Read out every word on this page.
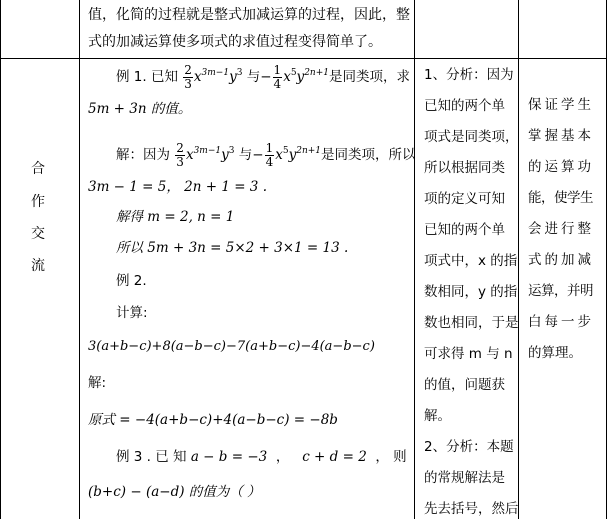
值，化简的过程就是整式加减运算的过程，因此，整
式的加减运算使多项式的求值过程变得简单了。
合
作
交
流
例 1. 已知 $\frac{2}{3} x^{3m-1}y^3$ 与− $\frac{1}{4} x^5y^{2n+1}$是同类项，求
5m + 3n 的值。
解：因为 $\frac{2}{3} x^{3m-1}y^3$ 与− $\frac{1}{4} x^5y^{2n+1}$是同类项，所以
3m − 1 = 5， 2n + 1 = 3 .
解得 m = 2, n = 1
所以 5m + 3n = 5×2 + 3×1 = 13 .
例 2.
计算:
3(a+b−c)+8(a−b−c)−7(a+b−c)−4(a−b−c)
解:
原式 = −4(a+b−c)+4(a−b−c) = −8b
例 3 . 已 知 a − b = −3 ， c + d = 2 ， 则
(b+c) − (a−d) 的值为（ ）
1、分析：因为
已知的两个单
项式是同类项，
所以根据同类
项的定义可知
已知的两个单
项式中，x 的指
数相同，y 的指
数也相同，于是
可求得 m 与 n
的值，问题获
解。
2、分析：本题
的常规解法是
先去括号，然后
保证学生
掌握基本
的运算功
能，使学生
会进行整
式的加减
运算，并明
白每一步
的算理。
